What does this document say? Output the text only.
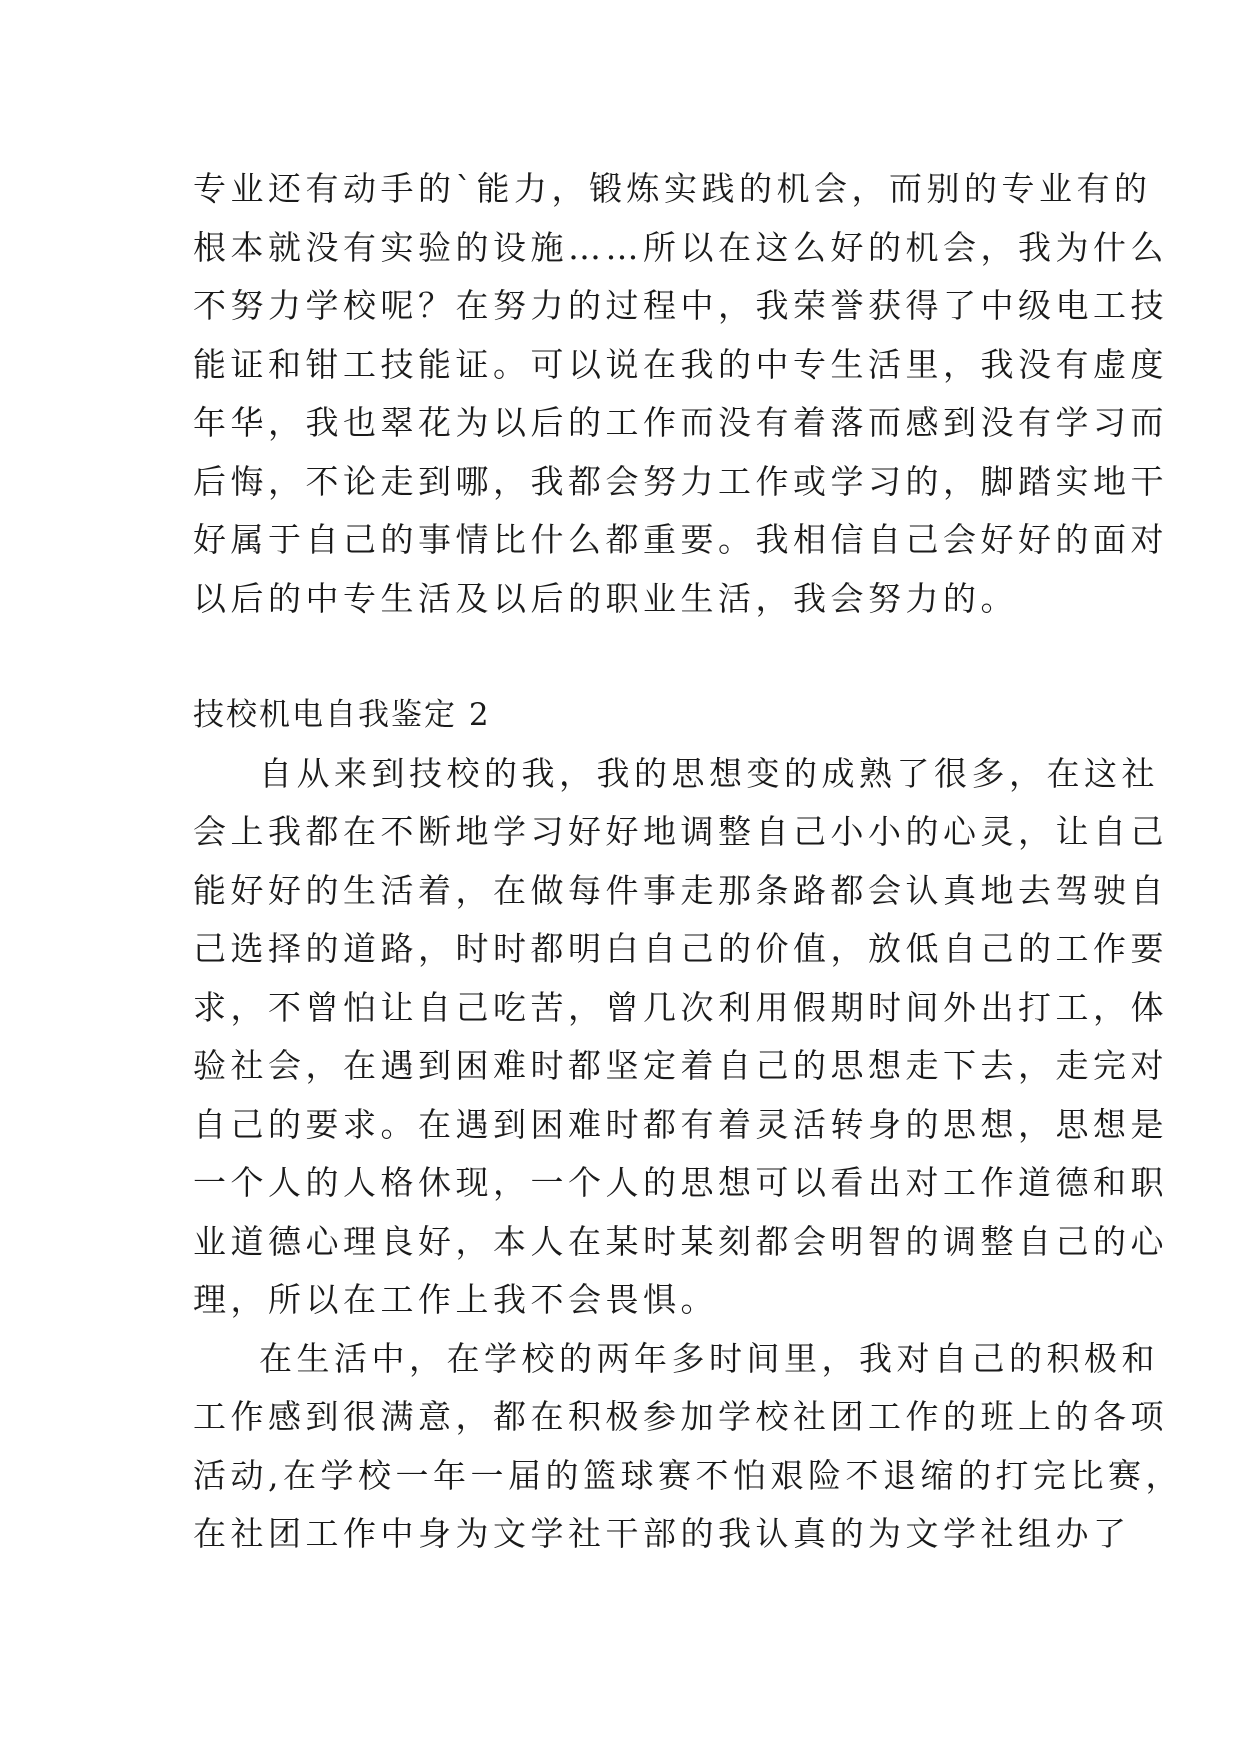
专业还有动手的`能力，锻炼实践的机会，而别的专业有的
根本就没有实验的设施……所以在这么好的机会，我为什么
不努力学校呢？在努力的过程中，我荣誉获得了中级电工技
能证和钳工技能证。可以说在我的中专生活里，我没有虚度
年华，我也翠花为以后的工作而没有着落而感到没有学习而
后悔，不论走到哪，我都会努力工作或学习的，脚踏实地干
好属于自己的事情比什么都重要。我相信自己会好好的面对
以后的中专生活及以后的职业生活，我会努力的。
技校机电自我鉴定 2
自从来到技校的我，我的思想变的成熟了很多，在这社
会上我都在不断地学习好好地调整自己小小的心灵，让自己
能好好的生活着，在做每件事走那条路都会认真地去驾驶自
己选择的道路，时时都明白自己的价值，放低自己的工作要
求，不曾怕让自己吃苦，曾几次利用假期时间外出打工，体
验社会，在遇到困难时都坚定着自己的思想走下去，走完对
自己的要求。在遇到困难时都有着灵活转身的思想，思想是
一个人的人格休现，一个人的思想可以看出对工作道德和职
业道德心理良好，本人在某时某刻都会明智的调整自己的心
理，所以在工作上我不会畏惧。
在生活中，在学校的两年多时间里，我对自己的积极和
工作感到很满意，都在积极参加学校社团工作的班上的各项
活动,在学校一年一届的篮球赛不怕艰险不退缩的打完比赛，
在社团工作中身为文学社干部的我认真的为文学社组办了
